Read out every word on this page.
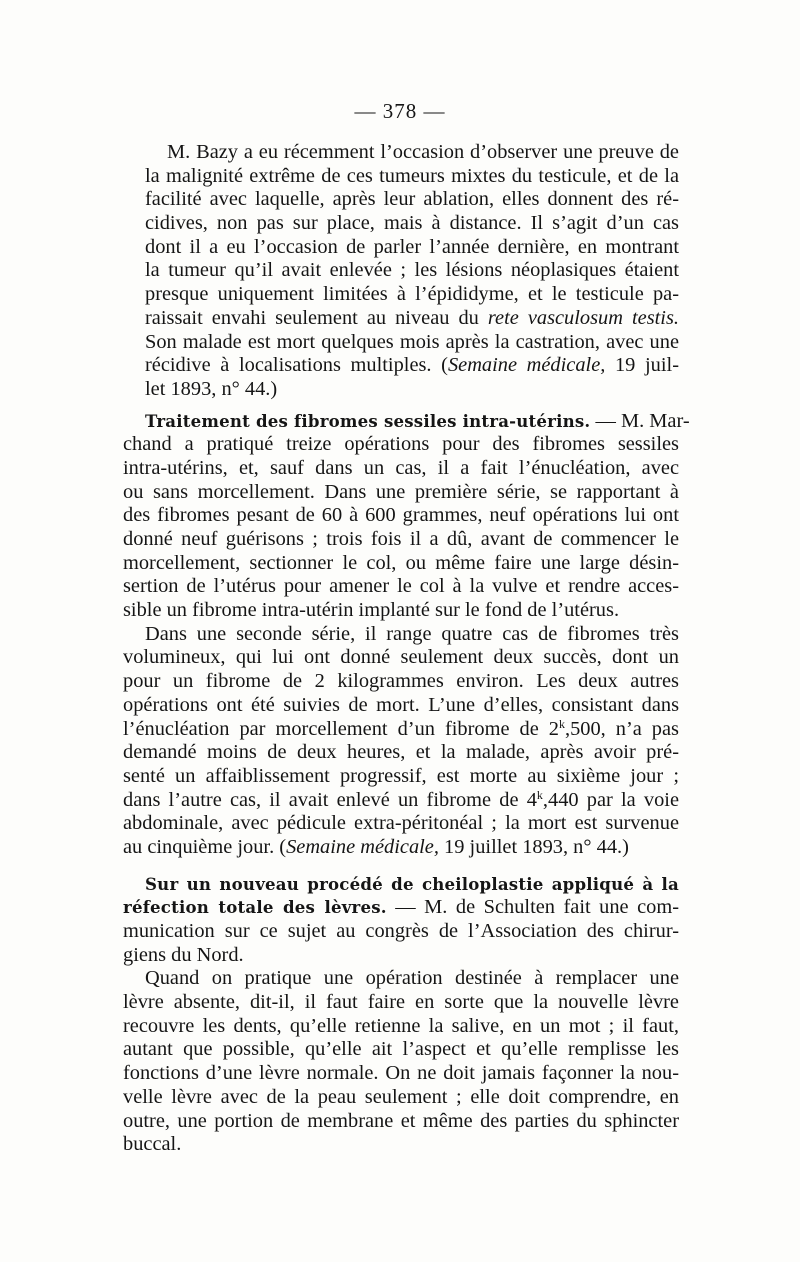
— 378 —
M. Bazy a eu récemment l’occasion d’observer une preuve de
la malignité extrême de ces tumeurs mixtes du testicule, et de la
facilité avec laquelle, après leur ablation, elles donnent des ré-
cidives, non pas sur place, mais à distance. Il s’agit d’un cas
dont il a eu l’occasion de parler l’année dernière, en montrant
la tumeur qu’il avait enlevée ; les lésions néoplasiques étaient
presque uniquement limitées à l’épididyme, et le testicule pa-
raissait envahi seulement au niveau du rete vasculosum testis.
Son malade est mort quelques mois après la castration, avec une
récidive à localisations multiples. (Semaine médicale, 19 juil-
let 1893, n° 44.)
Traitement des fibromes sessiles intra-utérins. — M. Mar-
chand a pratiqué treize opérations pour des fibromes sessiles
intra-utérins, et, sauf dans un cas, il a fait l’énucléation, avec
ou sans morcellement. Dans une première série, se rapportant à
des fibromes pesant de 60 à 600 grammes, neuf opérations lui ont
donné neuf guérisons ; trois fois il a dû, avant de commencer le
morcellement, sectionner le col, ou même faire une large désin-
sertion de l’utérus pour amener le col à la vulve et rendre acces-
sible un fibrome intra-utérin implanté sur le fond de l’utérus.
Dans une seconde série, il range quatre cas de fibromes très
volumineux, qui lui ont donné seulement deux succès, dont un
pour un fibrome de 2 kilogrammes environ. Les deux autres
opérations ont été suivies de mort. L’une d’elles, consistant dans
l’énucléation par morcellement d’un fibrome de 2$^k$,500, n’a pas
demandé moins de deux heures, et la malade, après avoir pré-
senté un affaiblissement progressif, est morte au sixième jour ;
dans l’autre cas, il avait enlevé un fibrome de 4$^k$,440 par la voie
abdominale, avec pédicule extra-péritonéal ; la mort est survenue
au cinquième jour. (Semaine médicale, 19 juillet 1893, n° 44.)
Sur un nouveau procédé de cheiloplastie appliqué à la
réfection totale des lèvres. — M. de Schulten fait une com-
munication sur ce sujet au congrès de l’Association des chirur-
giens du Nord.
Quand on pratique une opération destinée à remplacer une
lèvre absente, dit-il, il faut faire en sorte que la nouvelle lèvre
recouvre les dents, qu’elle retienne la salive, en un mot ; il faut,
autant que possible, qu’elle ait l’aspect et qu’elle remplisse les
fonctions d’une lèvre normale. On ne doit jamais façonner la nou-
velle lèvre avec de la peau seulement ; elle doit comprendre, en
outre, une portion de membrane et même des parties du sphincter
buccal.
